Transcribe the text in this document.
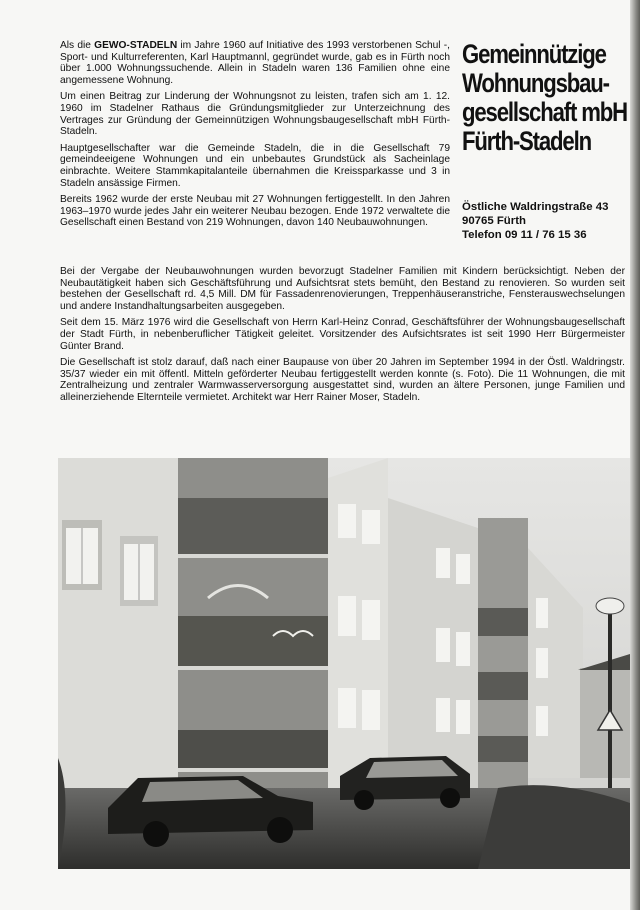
Als die GEWO-STADELN im Jahre 1960 auf Initiative des 1993 verstorbenen Schul -, Sport- und Kulturreferenten, Karl Hauptmannl, gegründet wurde, gab es in Fürth noch über 1.000 Wohnungssuchende. Allein in Stadeln waren 136 Familien ohne eine angemessene Wohnung.

Um einen Beitrag zur Linderung der Wohnungsnot zu leisten, trafen sich am 1. 12. 1960 im Stadelner Rathaus die Gründungsmitglieder zur Unterzeichnung des Vertrages zur Gründung der Gemeinnützigen Wohnungsbaugesellschaft mbH Fürth-Stadeln.

Hauptgesellschafter war die Gemeinde Stadeln, die in die Gesellschaft 79 gemeindeeigene Wohnungen und ein unbebautes Grundstück als Sacheinlage einbrachte. Weitere Stammkapitalanteile übernahmen die Kreissparkasse und 3 in Stadeln ansässige Firmen.

Bereits 1962 wurde der erste Neubau mit 27 Wohnungen fertiggestellt. In den Jahren 1963–1970 wurde jedes Jahr ein weiterer Neubau bezogen. Ende 1972 verwaltete die Gesellschaft einen Bestand von 219 Wohnungen, davon 140 Neubauwohnungen.

Gemeinnützige
Wohnungsbau-
gesellschaft mbH
Fürth-Stadeln
Östliche Waldringstraße 43
90765 Fürth
Telefon 09 11 / 76 15 36

Bei der Vergabe der Neubauwohnungen wurden bevorzugt Stadelner Familien mit Kindern berücksichtigt. Neben der Neubautätigkeit haben sich Geschäftsführung und Aufsichtsrat stets bemüht, den Bestand zu renovieren. So wurden seit bestehen der Gesellschaft rd. 4,5 Mill. DM für Fassadenrenovierungen, Treppenhäuseranstriche, Fensterauswechselungen und andere Instandhaltungsarbeiten ausgegeben.

Seit dem 15. März 1976 wird die Gesellschaft von Herrn Karl-Heinz Conrad, Geschäftsführer der Wohnungsbaugesellschaft der Stadt Fürth, in nebenberuflicher Tätigkeit geleitet. Vorsitzender des Aufsichtsrates ist seit 1990 Herr Bürgermeister Günter Brand.

Die Gesellschaft ist stolz darauf, daß nach einer Baupause von über 20 Jahren im September 1994 in der Östl. Waldringstr. 35/37 wieder ein mit öffentl. Mitteln geförderter Neubau fertiggestellt werden konnte (s. Foto). Die 11 Wohnungen, die mit Zentralheizung und zentraler Warmwasserversorgung ausgestattet sind, wurden an ältere Personen, junge Familien und alleinerziehende Elternteile vermietet. Architekt war Herr Rainer Moser, Stadeln.
